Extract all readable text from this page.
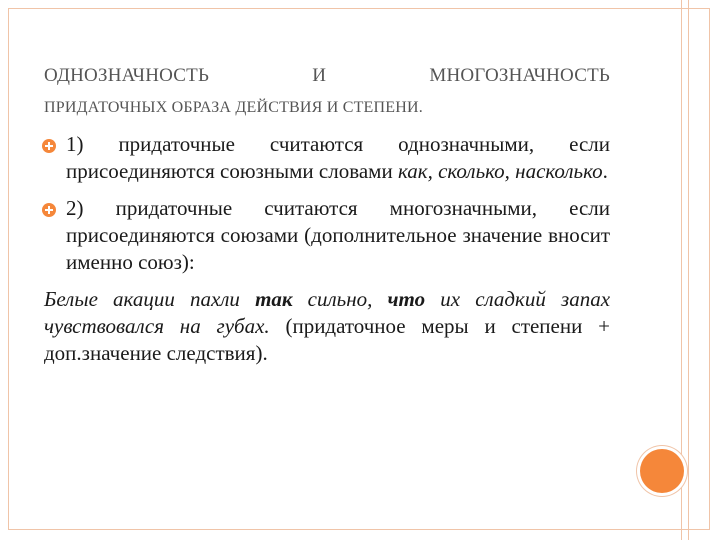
ОДНОЗНАЧНОСТЬ	И	МНОГОЗНАЧНОСТЬ
ПРИДАТОЧНЫХ ОБРАЗА ДЕЙСТВИЯ И СТЕПЕНИ.
1) придаточные считаются однозначными, если присоединяются союзными словами как, сколько, насколько.
2) придаточные считаются многозначными, если присоединяются союзами (дополнительное значение вносит именно союз):
Белые акации пахли так сильно, что их сладкий запах чувствовался на губах. (придаточное меры и степени + доп.значение следствия).
